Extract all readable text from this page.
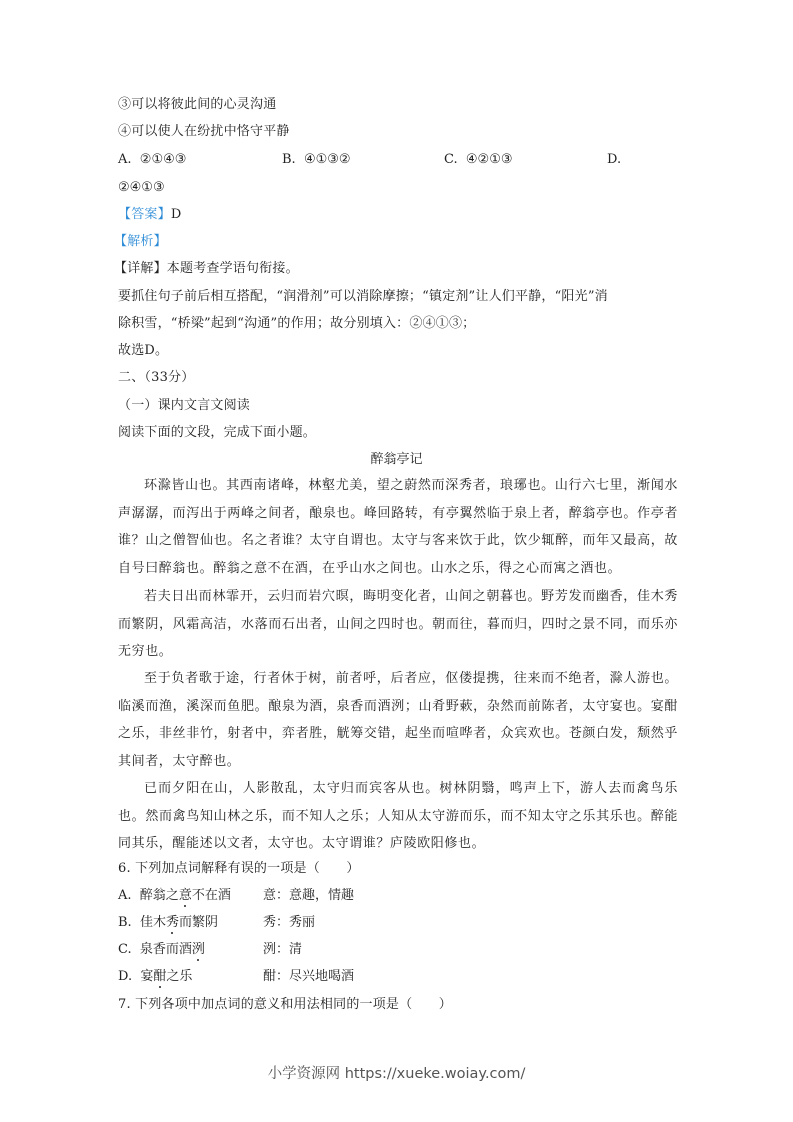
③可以将彼此间的心灵沟通
④可以使人在纷扰中恪守平静
A. ②①④③	B. ④①③②	C. ④②①③	D.
②④①③
【答案】D
【解析】
【详解】本题考查学语句衔接。
要抓住句子前后相互搭配，“润滑剂”可以消除摩擦；“镇定剂”让人们平静，“阳光”消
除积雪，“桥梁”起到“沟通”的作用；故分别填入：②④①③；
故选D。
二、（33分）
（一）课内文言文阅读
阅读下面的文段，完成下面小题。
醉翁亭记
环滁皆山也。其西南诸峰，林壑尤美，望之蔚然而深秀者，琅琊也。山行六七里，渐闻水声潺潺，而泻出于两峰之间者，酿泉也。峰回路转，有亭翼然临于泉上者，醉翁亭也。作亭者谁？山之僧智仙也。名之者谁？太守自谓也。太守与客来饮于此，饮少辄醉，而年又最高，故自号曰醉翁也。醉翁之意不在酒，在乎山水之间也。山水之乐，得之心而寓之酒也。
若夫日出而林霏开，云归而岩穴暝，晦明变化者，山间之朝暮也。野芳发而幽香，佳木秀而繁阴，风霜高洁，水落而石出者，山间之四时也。朝而往，暮而归，四时之景不同，而乐亦无穷也。
至于负者歌于途，行者休于树，前者呼，后者应，伛偻提携，往来而不绝者，滁人游也。临溪而渔，溪深而鱼肥。酿泉为酒，泉香而酒洌；山肴野蔌，杂然而前陈者，太守宴也。宴酣之乐，非丝非竹，射者中，弈者胜，觥筹交错，起坐而喧哗者，众宾欢也。苍颜白发，颓然乎其间者，太守醉也。
已而夕阳在山，人影散乱，太守归而宾客从也。树林阴翳，鸣声上下，游人去而禽鸟乐也。然而禽鸟知山林之乐，而不知人之乐；人知从太守游而乐，而不知太守之乐其乐也。醉能同其乐，醒能述以文者，太守也。太守谓谁？庐陵欧阳修也。
6. 下列加点词解释有误的一项是（　　）
A. 醉翁之意不在酒 意：意趣，情趣
B. 佳木秀而繁阴	秀：秀丽
C. 泉香而酒洌	洌：清
D. 宴酣之乐	酣：尽兴地喝酒
7. 下列各项中加点词的意义和用法相同的一项是（　　）
小学资源网 https://xueke.woiay.com/
